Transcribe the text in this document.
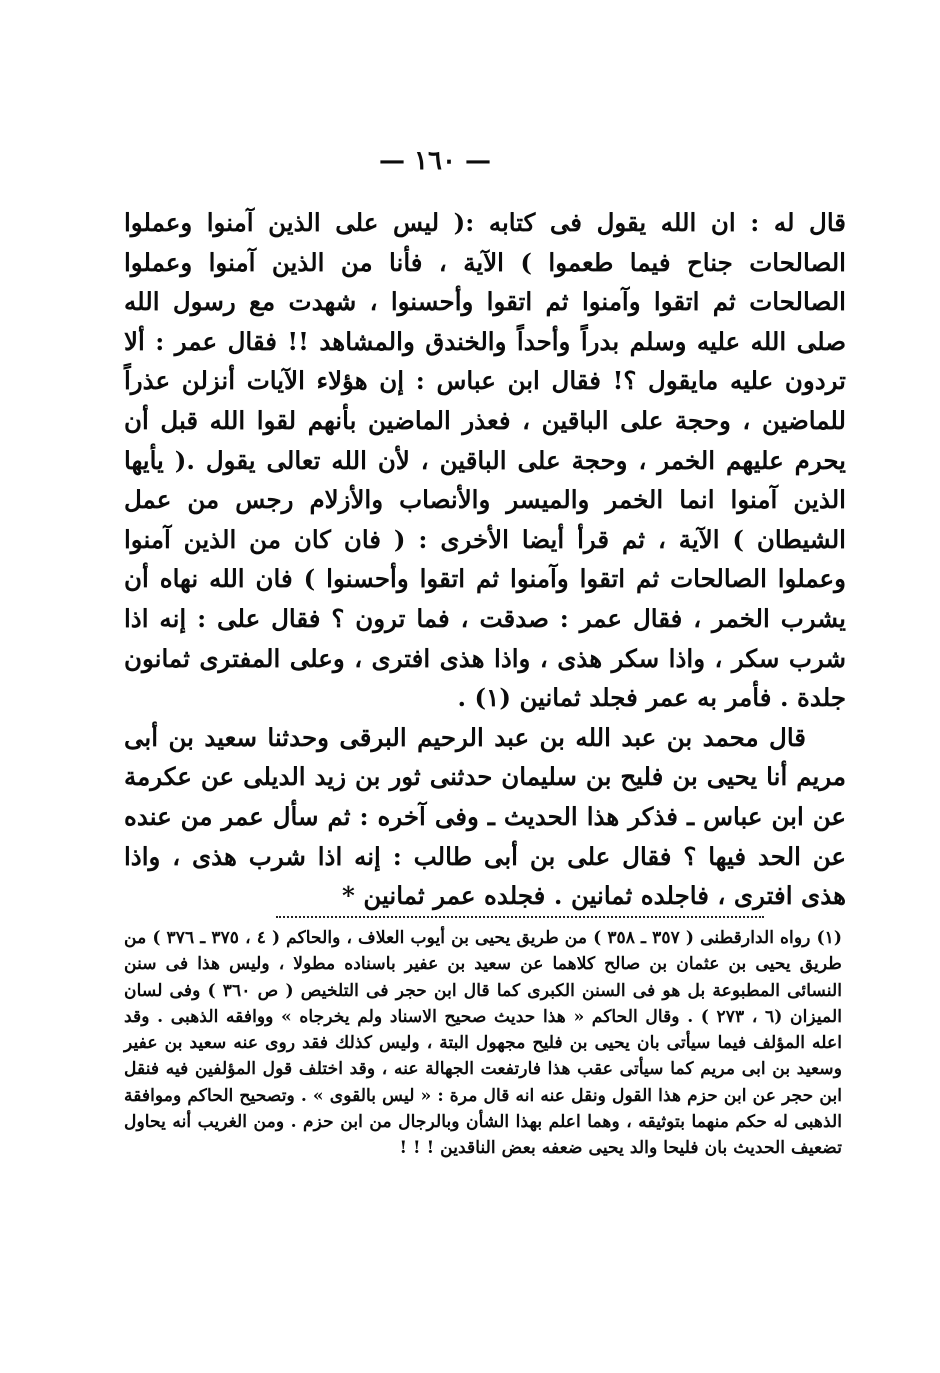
— ١٦٠ —

قال له : ان الله يقول فى كتابه :( ليس على الذين آمنوا وعملوا الصالحات جناح فيما طعموا ) الآية ، فأنا من الذين آمنوا وعملوا الصالحات ثم اتقوا وآمنوا ثم اتقوا وأحسنوا ، شهدت مع رسول الله صلى الله عليه وسلم بدراً وأحداً والخندق والمشاهد !! فقال عمر : ألا تردون عليه مايقول ؟! فقال ابن عباس : إن هؤلاء الآيات أنزلن عذراً للماضين ، وحجة على الباقين ، فعذر الماضين بأنهم لقوا الله قبل أن يحرم عليهم الخمر ، وحجة على الباقين ، لأن الله تعالى يقول .( يأيها الذين آمنوا انما الخمر والميسر والأنصاب والأزلام رجس من عمل الشيطان ) الآية ، ثم قرأ أيضا الأخرى : ( فان كان من الذين آمنوا وعملوا الصالحات ثم اتقوا وآمنوا ثم اتقوا وأحسنوا ) فان الله نهاه أن يشرب الخمر ، فقال عمر : صدقت ، فما ترون ؟ فقال على : إنه اذا شرب سكر ، واذا سكر هذى ، واذا هذى افترى ، وعلى المفترى ثمانون جلدة . فأمر به عمر فجلد ثمانين (١) .

قال محمد بن عبد الله بن عبد الرحيم البرقى وحدثنا سعيد بن أبى مريم أنا يحيى بن فليح بن سليمان حدثنى ثور بن زيد الديلى عن عكرمة عن ابن عباس ـ فذكر هذا الحديث ـ وفى آخره : ثم سأل عمر من عنده عن الحد فيها ؟ فقال على بن أبى طالب : إنه اذا شرب هذى ، واذا هذى افترى ، فاجلده ثمانين . فجلده عمر ثمانين *

(١) رواه الدارقطنى ( ٣٥٧ ـ ٣٥٨ ) من طريق يحيى بن أيوب العلاف ، والحاكم ( ٤ ، ٣٧٥ ـ ٣٧٦ ) من طريق يحيى بن عثمان بن صالح كلاهما عن سعيد بن عفير باسناده مطولا ، وليس هذا فى سنن النسائى المطبوعة بل هو فى السنن الكبرى كما قال ابن حجر فى التلخيص ( ص ٣٦٠ ) وفى لسان الميزان (٦ ، ٢٧٣ ) . وقال الحاكم « هذا حديث صحيح الاسناد ولم يخرجاه » ووافقه الذهبى . وقد اعله المؤلف فيما سيأتى بان يحيى بن فليح مجهول البتة ، وليس كذلك فقد روى عنه سعيد بن عفير وسعيد بن ابى مريم كما سيأتى عقب هذا فارتفعت الجهالة عنه ، وقد اختلف قول المؤلفين فيه فنقل ابن حجر عن ابن حزم هذا القول ونقل عنه انه قال مرة : « ليس بالقوى » . وتصحيح الحاكم وموافقة الذهبى له حكم منهما بتوثيقه ، وهما اعلم بهذا الشأن وبالرجال من ابن حزم . ومن الغريب أنه يحاول تضعيف الحديث بان فليحا والد يحيى ضعفه بعض الناقدين ! ! !
